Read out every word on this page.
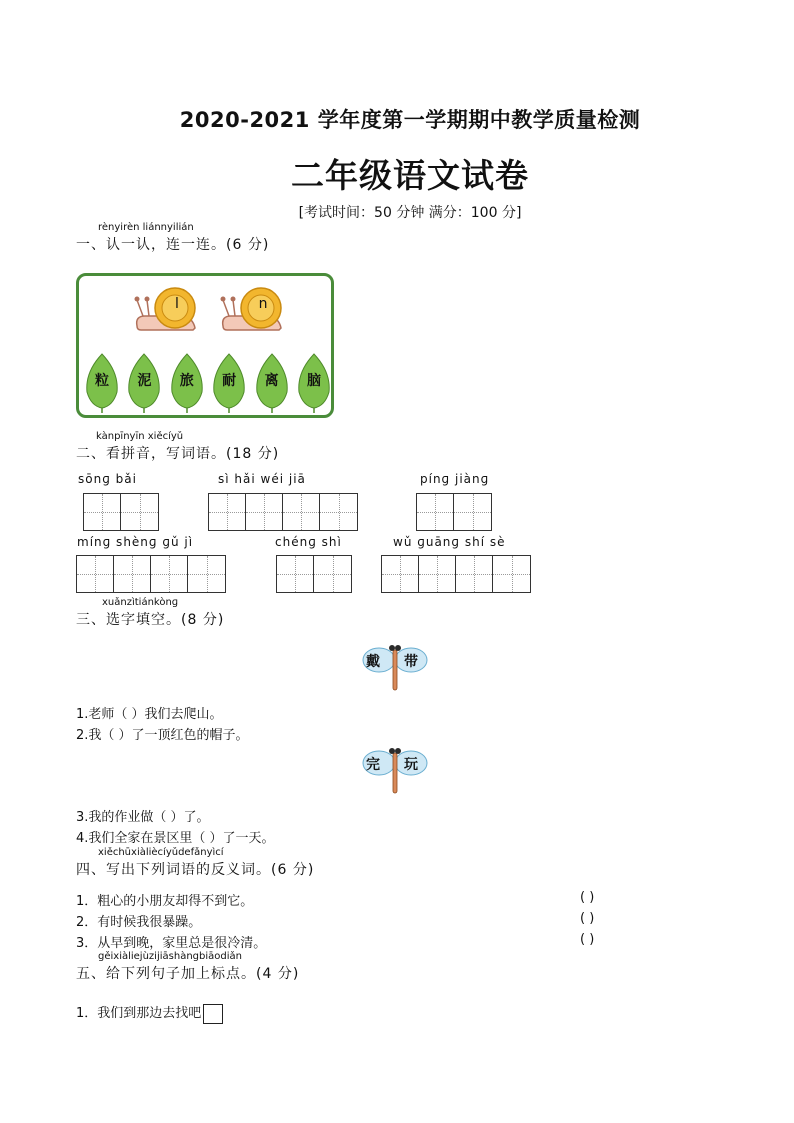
2020-2021 学年度第一学期期中教学质量检测
二年级语文试卷
[考试时间：50 分钟 满分：100 分]
rènyirèn liánnyilián
一、认一认，连一连。(6 分)
l	n
粒	泥	旅	耐	离	脑
kànpīnyīn xiěcíyǔ
二、看拼音，写词语。(18 分)
sōnɡ bǎi	sì hǎi wéi jiā	pínɡ jiànɡ
mínɡ shènɡ ɡǔ jì	chénɡ shì	wǔ ɡuānɡ shí sè
xuǎnzìtiánkònɡ
三、选字填空。(8 分)
戴 带
1.老师（ ）我们去爬山。
2.我（ ）了一顶红色的帽子。
完 玩
3.我的作业做（ ）了。
4.我们全家在景区里（ ）了一天。
xiěchūxiàliècíyǔdefǎnyìcí
四、写出下列词语的反义词。(6 分)
1．粗心的小朋友却得不到它。	( )
2．有时候我很暴躁。	( )
3．从早到晚，家里总是很冷清。	( )
gěixiàliejùzijiāshàngbiāodiǎn
五、给下列句子加上标点。(4 分)
1．我们到那边去找吧
